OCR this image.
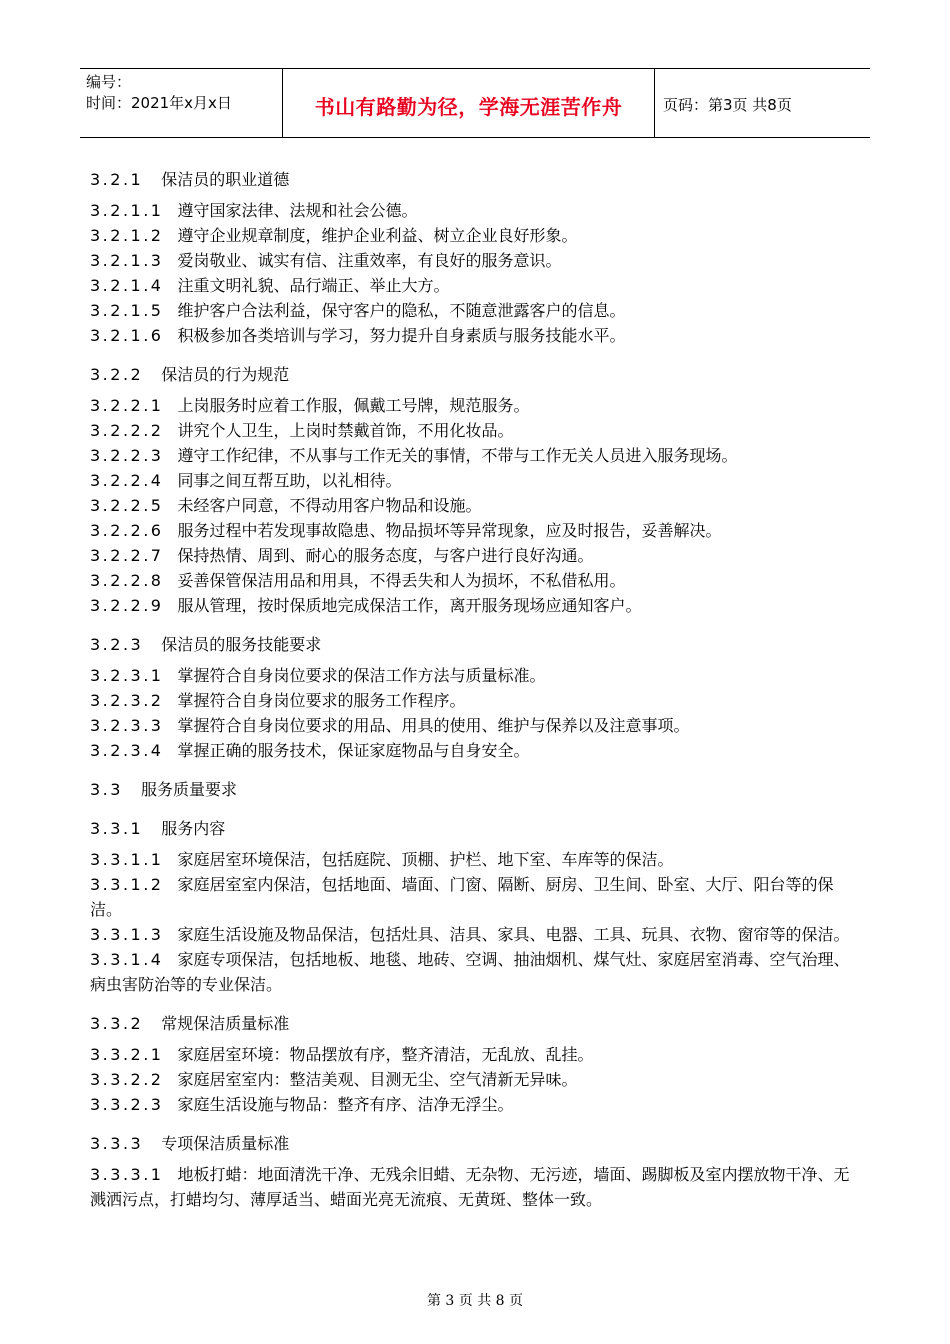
编号：
时间：2021年x月x日	书山有路勤为径，学海无涯苦作舟	页码：第3页 共8页
3.2.1 保洁员的职业道德
3.2.1.1 遵守国家法律、法规和社会公德。
3.2.1.2 遵守企业规章制度，维护企业利益、树立企业良好形象。
3.2.1.3 爱岗敬业、诚实有信、注重效率，有良好的服务意识。
3.2.1.4 注重文明礼貌、品行端正、举止大方。
3.2.1.5 维护客户合法利益，保守客户的隐私，不随意泄露客户的信息。
3.2.1.6 积极参加各类培训与学习，努力提升自身素质与服务技能水平。
3.2.2 保洁员的行为规范
3.2.2.1 上岗服务时应着工作服，佩戴工号牌，规范服务。
3.2.2.2 讲究个人卫生，上岗时禁戴首饰，不用化妆品。
3.2.2.3 遵守工作纪律，不从事与工作无关的事情，不带与工作无关人员进入服务现场。
3.2.2.4 同事之间互帮互助，以礼相待。
3.2.2.5 未经客户同意，不得动用客户物品和设施。
3.2.2.6 服务过程中若发现事故隐患、物品损坏等异常现象，应及时报告，妥善解决。
3.2.2.7 保持热情、周到、耐心的服务态度，与客户进行良好沟通。
3.2.2.8 妥善保管保洁用品和用具，不得丢失和人为损坏，不私借私用。
3.2.2.9 服从管理，按时保质地完成保洁工作，离开服务现场应通知客户。
3.2.3 保洁员的服务技能要求
3.2.3.1 掌握符合自身岗位要求的保洁工作方法与质量标准。
3.2.3.2 掌握符合自身岗位要求的服务工作程序。
3.2.3.3 掌握符合自身岗位要求的用品、用具的使用、维护与保养以及注意事项。
3.2.3.4 掌握正确的服务技术，保证家庭物品与自身安全。
3.3 服务质量要求
3.3.1 服务内容
3.3.1.1 家庭居室环境保洁，包括庭院、顶棚、护栏、地下室、车库等的保洁。
3.3.1.2 家庭居室室内保洁，包括地面、墙面、门窗、隔断、厨房、卫生间、卧室、大厅、阳台等的保洁。
3.3.1.3 家庭生活设施及物品保洁，包括灶具、洁具、家具、电器、工具、玩具、衣物、窗帘等的保洁。
3.3.1.4 家庭专项保洁，包括地板、地毯、地砖、空调、抽油烟机、煤气灶、家庭居室消毒、空气治理、病虫害防治等的专业保洁。
3.3.2 常规保洁质量标准
3.3.2.1 家庭居室环境：物品摆放有序，整齐清洁，无乱放、乱挂。
3.3.2.2 家庭居室室内：整洁美观、目测无尘、空气清新无异味。
3.3.2.3 家庭生活设施与物品：整齐有序、洁净无浮尘。
3.3.3 专项保洁质量标准
3.3.3.1 地板打蜡：地面清洗干净、无残余旧蜡、无杂物、无污迹，墙面、踢脚板及室内摆放物干净、无溅洒污点，打蜡均匀、薄厚适当、蜡面光亮无流痕、无黄斑、整体一致。
第 3 页 共 8 页
